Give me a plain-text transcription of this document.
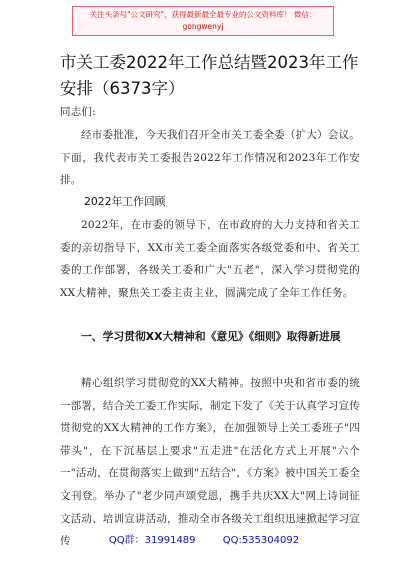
关注头条号"公文研究"，获得最新最全最专业的公文资料库！ 微信：gongwenyj
市关工委2022年工作总结暨2023年工作安排（6373字）

同志们:

经市委批准，今天我们召开全市关工委全委（扩大）会议。下面，我代表市关工委报告2022年工作情况和2023年工作安排。

2022年工作回顾

2022年，在市委的领导下，在市政府的大力支持和省关工委的亲切指导下，XX市关工委全面落实各级党委和中、省关工委的工作部署，各级关工委和广大"五老"，深入学习贯彻党的XX大精神，聚焦关工委主责主业，圆满完成了全年工作任务。

一、学习贯彻XX大精神和《意见》《细则》取得新进展

精心组织学习贯彻党的XX大精神。按照中央和省市委的统一部署，结合关工委工作实际，制定下发了《关于认真学习宣传贯彻党的XX大精神的工作方案》，在加强领导上关工委班子"四带头"，在下沉基层上要求"五走进"在活化方式上开展"六个一"活动，在贯彻落实上做到"五结合"，《方案》被中国关工委全文刊登。举办了"老少同声颂党恩，携手共庆XX大"网上诗词征文活动、培训宣讲活动，推动全市各级关工组织迅速掀起学习宣传	QQ群：31991489	QQ:535304092
